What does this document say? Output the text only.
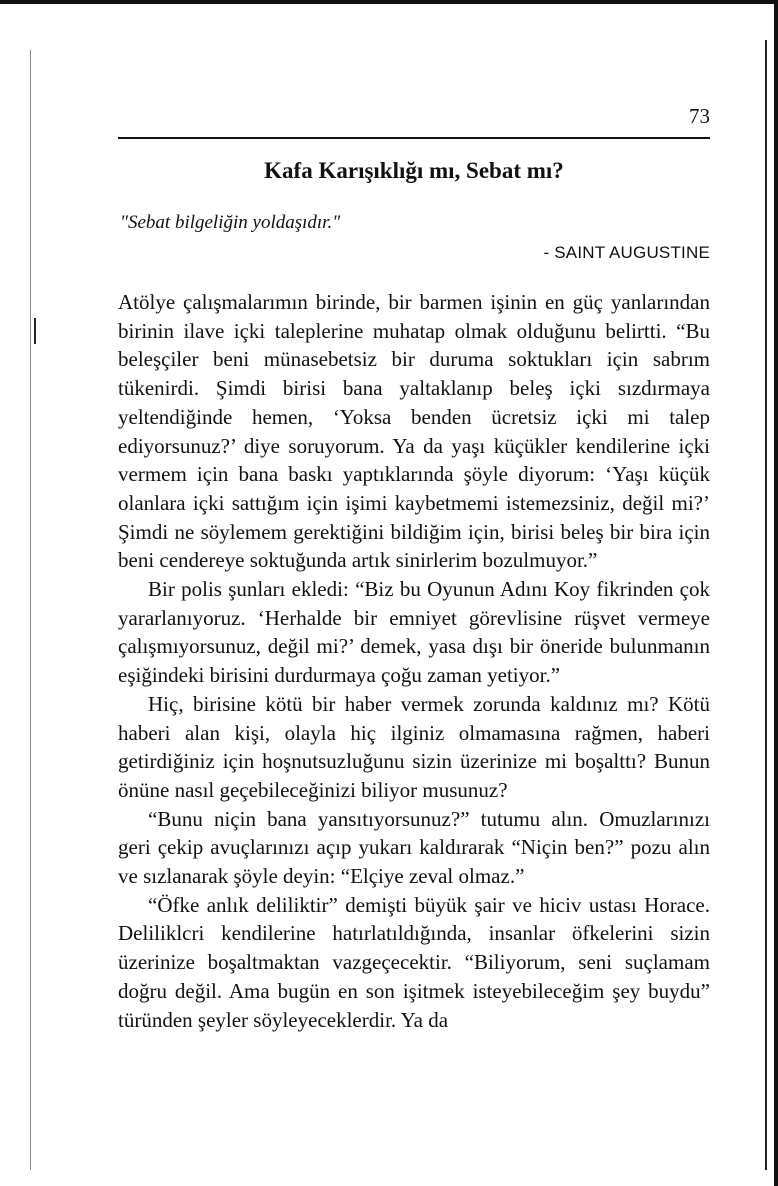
73
Kafa Karışıklığı mı, Sebat mı?
"Sebat bilgeliğin yoldaşıdır."
- SAINT AUGUSTINE

Atölye çalışmalarımın birinde, bir barmen işinin en güç yanlarından birinin ilave içki taleplerine muhatap olmak olduğunu belirtti. “Bu beleşçiler beni münasebetsiz bir duruma soktukları için sabrım tükenirdi. Şimdi birisi bana yaltaklanıp beleş içki sızdırmaya yeltendiğinde hemen, ‘Yoksa benden ücretsiz içki mi talep ediyorsunuz?’ diye soruyorum. Ya da yaşı küçükler kendilerine içki vermem için bana baskı yaptıklarında şöyle diyorum: ‘Yaşı küçük olanlara içki sattığım için işimi kaybetmemi istemezsiniz, değil mi?’ Şimdi ne söylemem gerektiğini bildiğim için, birisi beleş bir bira için beni cendereye soktuğunda artık sinirlerim bozulmuyor.”

Bir polis şunları ekledi: “Biz bu Oyunun Adını Koy fikrinden çok yararlanıyoruz. ‘Herhalde bir emniyet görevlisine rüşvet vermeye çalışmıyorsunuz, değil mi?’ demek, yasa dışı bir öneride bulunmanın eşiğindeki birisini durdurmaya çoğu zaman yetiyor.”

Hiç, birisine kötü bir haber vermek zorunda kaldınız mı? Kötü haberi alan kişi, olayla hiç ilginiz olmamasına rağmen, haberi getirdiğiniz için hoşnutsuzluğunu sizin üzerinize mi boşalttı? Bunun önüne nasıl geçebileceğinizi biliyor musunuz?

“Bunu niçin bana yansıtıyorsunuz?” tutumu alın. Omuzlarınızı geri çekip avuçlarınızı açıp yukarı kaldırarak “Niçin ben?” pozu alın ve sızlanarak şöyle deyin: “Elçiye zeval olmaz.”

“Öfke anlık deliliktir” demişti büyük şair ve hiciv ustası Horace. Deliliklcri kendilerine hatırlatıldığında, insanlar öfkelerini sizin üzerinize boşaltmaktan vazgeçecektir. “Biliyorum, seni suçlamam doğru değil. Ama bugün en son işitmek isteyebileceğim şey buydu” türünden şeyler söyleyeceklerdir. Ya da
